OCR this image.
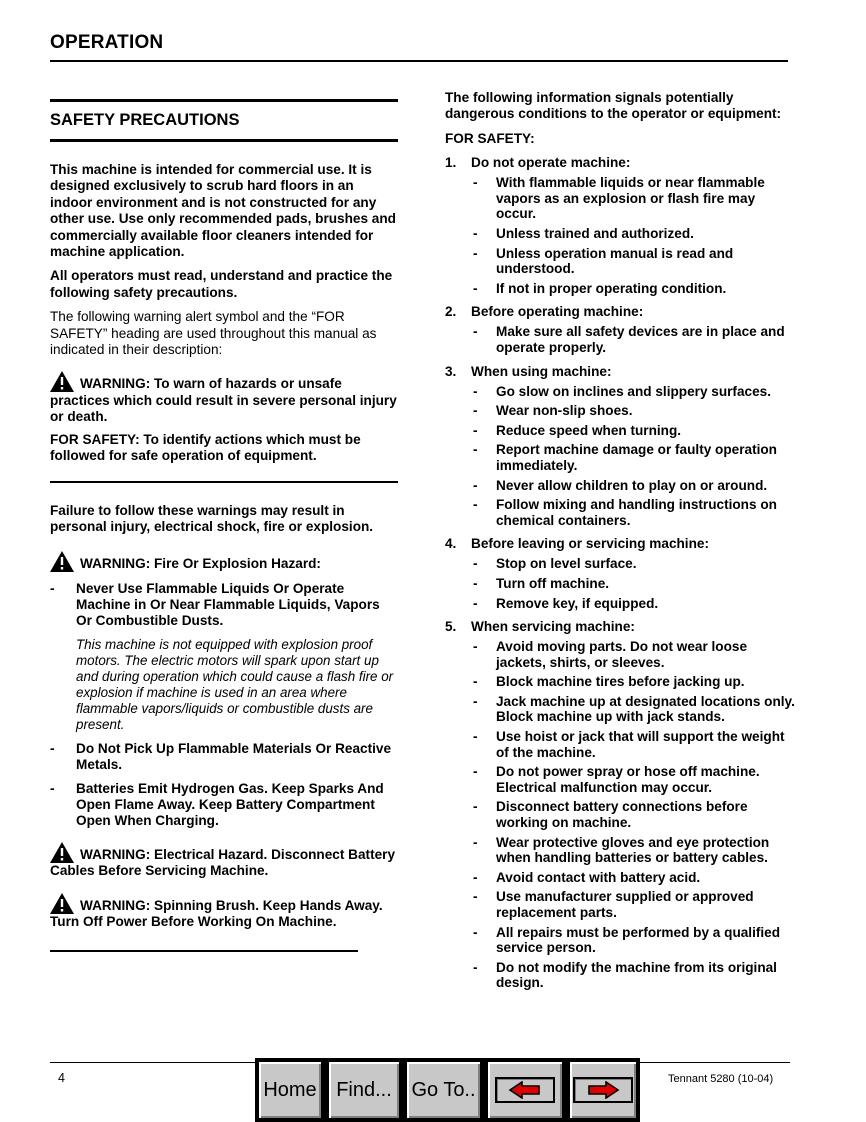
OPERATION
SAFETY PRECAUTIONS

This machine is intended for commercial use. It is designed exclusively to scrub hard floors in an indoor environment and is not constructed for any other use. Use only recommended pads, brushes and commercially available floor cleaners intended for machine application.

All operators must read, understand and practice the following safety precautions.

The following warning alert symbol and the “FOR SAFETY” heading are used throughout this manual as indicated in their description:

WARNING: To warn of hazards or unsafe practices which could result in severe personal injury or death.

FOR SAFETY: To identify actions which must be followed for safe operation of equipment.

Failure to follow these warnings may result in personal injury, electrical shock, fire or explosion.

WARNING: Fire Or Explosion Hazard:

- Never Use Flammable Liquids Or Operate Machine in Or Near Flammable Liquids, Vapors Or Combustible Dusts.
This machine is not equipped with explosion proof motors. The electric motors will spark upon start up and during operation which could cause a flash fire or explosion if machine is used in an area where flammable vapors/liquids or combustible dusts are present.
- Do Not Pick Up Flammable Materials Or Reactive Metals.
- Batteries Emit Hydrogen Gas. Keep Sparks And Open Flame Away. Keep Battery Compartment Open When Charging.

WARNING: Electrical Hazard. Disconnect Battery Cables Before Servicing Machine.

WARNING: Spinning Brush. Keep Hands Away. Turn Off Power Before Working On Machine.

The following information signals potentially dangerous conditions to the operator or equipment:

FOR SAFETY:

1. Do not operate machine:
- With flammable liquids or near flammable vapors as an explosion or flash fire may occur.
- Unless trained and authorized.
- Unless operation manual is read and understood.
- If not in proper operating condition.
2. Before operating machine:
- Make sure all safety devices are in place and operate properly.
3. When using machine:
- Go slow on inclines and slippery surfaces.
- Wear non-slip shoes.
- Reduce speed when turning.
- Report machine damage or faulty operation immediately.
- Never allow children to play on or around.
- Follow mixing and handling instructions on chemical containers.
4. Before leaving or servicing machine:
- Stop on level surface.
- Turn off machine.
- Remove key, if equipped.
5. When servicing machine:
- Avoid moving parts. Do not wear loose jackets, shirts, or sleeves.
- Block machine tires before jacking up.
- Jack machine up at designated locations only. Block machine up with jack stands.
- Use hoist or jack that will support the weight of the machine.
- Do not power spray or hose off machine. Electrical malfunction may occur.
- Disconnect battery connections before working on machine.
- Wear protective gloves and eye protection when handling batteries or battery cables.
- Avoid contact with battery acid.
- Use manufacturer supplied or approved replacement parts.
- All repairs must be performed by a qualified service person.
- Do not modify the machine from its original design.
4	Tennant 5280 (10-04)
Home Find... Go To..
